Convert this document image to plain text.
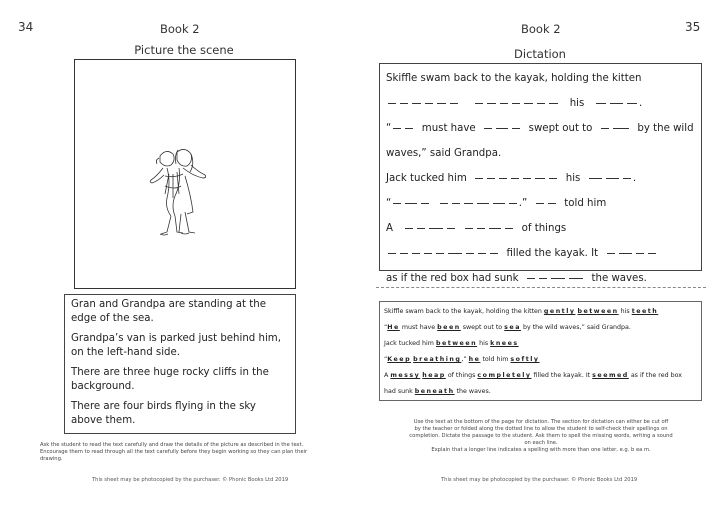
34	Book 2
Picture the scene

Gran and Grandpa are standing at the edge of the sea.

Grandpa’s van is parked just behind him, on the left-hand side.

There are three huge rocky cliffs in the background.

There are four birds flying in the sky above them.

Ask the student to read the text carefully and draw the details of the picture as described in the text. Encourage them to read through all the text carefully before they begin working so they can plan their drawing.
This sheet may be photocopied by the purchaser. © Phonic Books Ltd 2019
Book 2	35
Dictation
Skiffle swam back to the kayak, holding the kitten
his	.
“	must have	swept out to	by the wild
waves,” said Grandpa.
Jack tucked him	his	.
“	.”	told him
A	of things
filled the kayak. It
as if the red box had sunk	the waves.
Skiffle swam back to the kayak, holding the kitten gently between his teeth
“He must have been swept out to sea by the wild waves,” said Grandpa.
Jack tucked him between his knees
“Keep breathing,” he told him softly
A messy heap of things completely filled the kayak. It seemed as if the red box
had sunk beneath the waves.
Use the text at the bottom of the page for dictation. The section for dictation can either be cut off
by the teacher or folded along the dotted line to allow the student to self-check their spellings on
completion. Dictate the passage to the student. Ask them to spell the missing words, writing a sound
on each line.
Explain that a longer line indicates a spelling with more than one letter, e.g. b ea m.
This sheet may be photocopied by the purchaser. © Phonic Books Ltd 2019
